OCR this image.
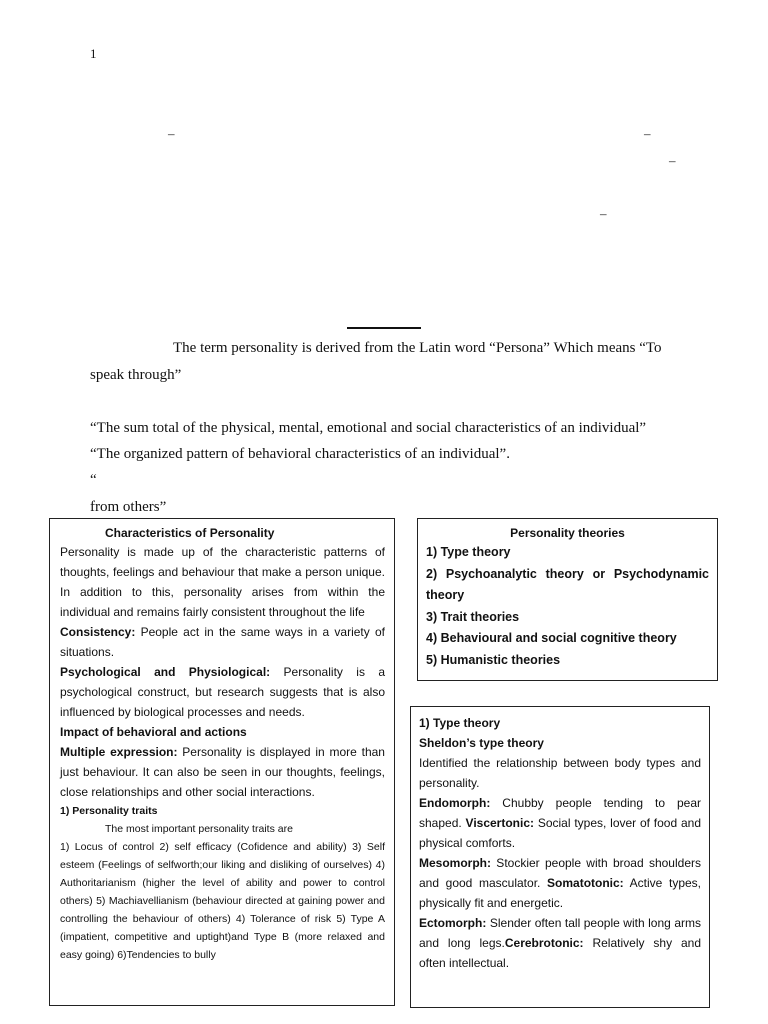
1
–	–
–
–
The term personality is derived from the Latin word “Persona” Which means “To
speak through”
“The sum total of the physical, mental, emotional and social characteristics of an individual”
“The organized pattern of behavioral characteristics of an individual”.
“
from others”
Characteristics of Personality
Personality is made up of the characteristic patterns of thoughts, feelings and behaviour that make a person unique. In addition to this, personality arises from within the individual and remains fairly consistent throughout the life
Consistency: People act in the same ways in a variety of situations.
Psychological and Physiological: Personality is a psychological construct, but research suggests that is also influenced by biological processes and needs.
Impact of behavioral and actions
Multiple expression: Personality is displayed in more than just behaviour. It can also be seen in our thoughts, feelings, close relationships and other social interactions.
1) Personality traits
The most important personality traits are
1) Locus of control 2) self efficacy (Cofidence and ability) 3) Self esteem (Feelings of selfworth;our liking and disliking of ourselves) 4) Authoritarianism (higher the level of ability and power to control others) 5) Machiavellianism (behaviour directed at gaining power and controlling the behaviour of others) 4) Tolerance of risk 5) Type A (impatient, competitive and uptight)and Type B (more relaxed and easy going) 6)Tendencies to bully
Personality theories
1) Type theory
2) Psychoanalytic theory or Psychodynamic theory
3) Trait theories
4) Behavioural and social cognitive theory
5) Humanistic theories
1) Type theory
Sheldon’s type theory
Identified the relationship between body types and personality.
Endomorph: Chubby people tending to pear shaped. Viscertonic: Social types, lover of food and physical comforts.
Mesomorph: Stockier people with broad shoulders and good masculator. Somatotonic: Active types, physically fit and energetic.
Ectomorph: Slender often tall people with long arms and long legs.Cerebrotonic: Relatively shy and often intellectual.
